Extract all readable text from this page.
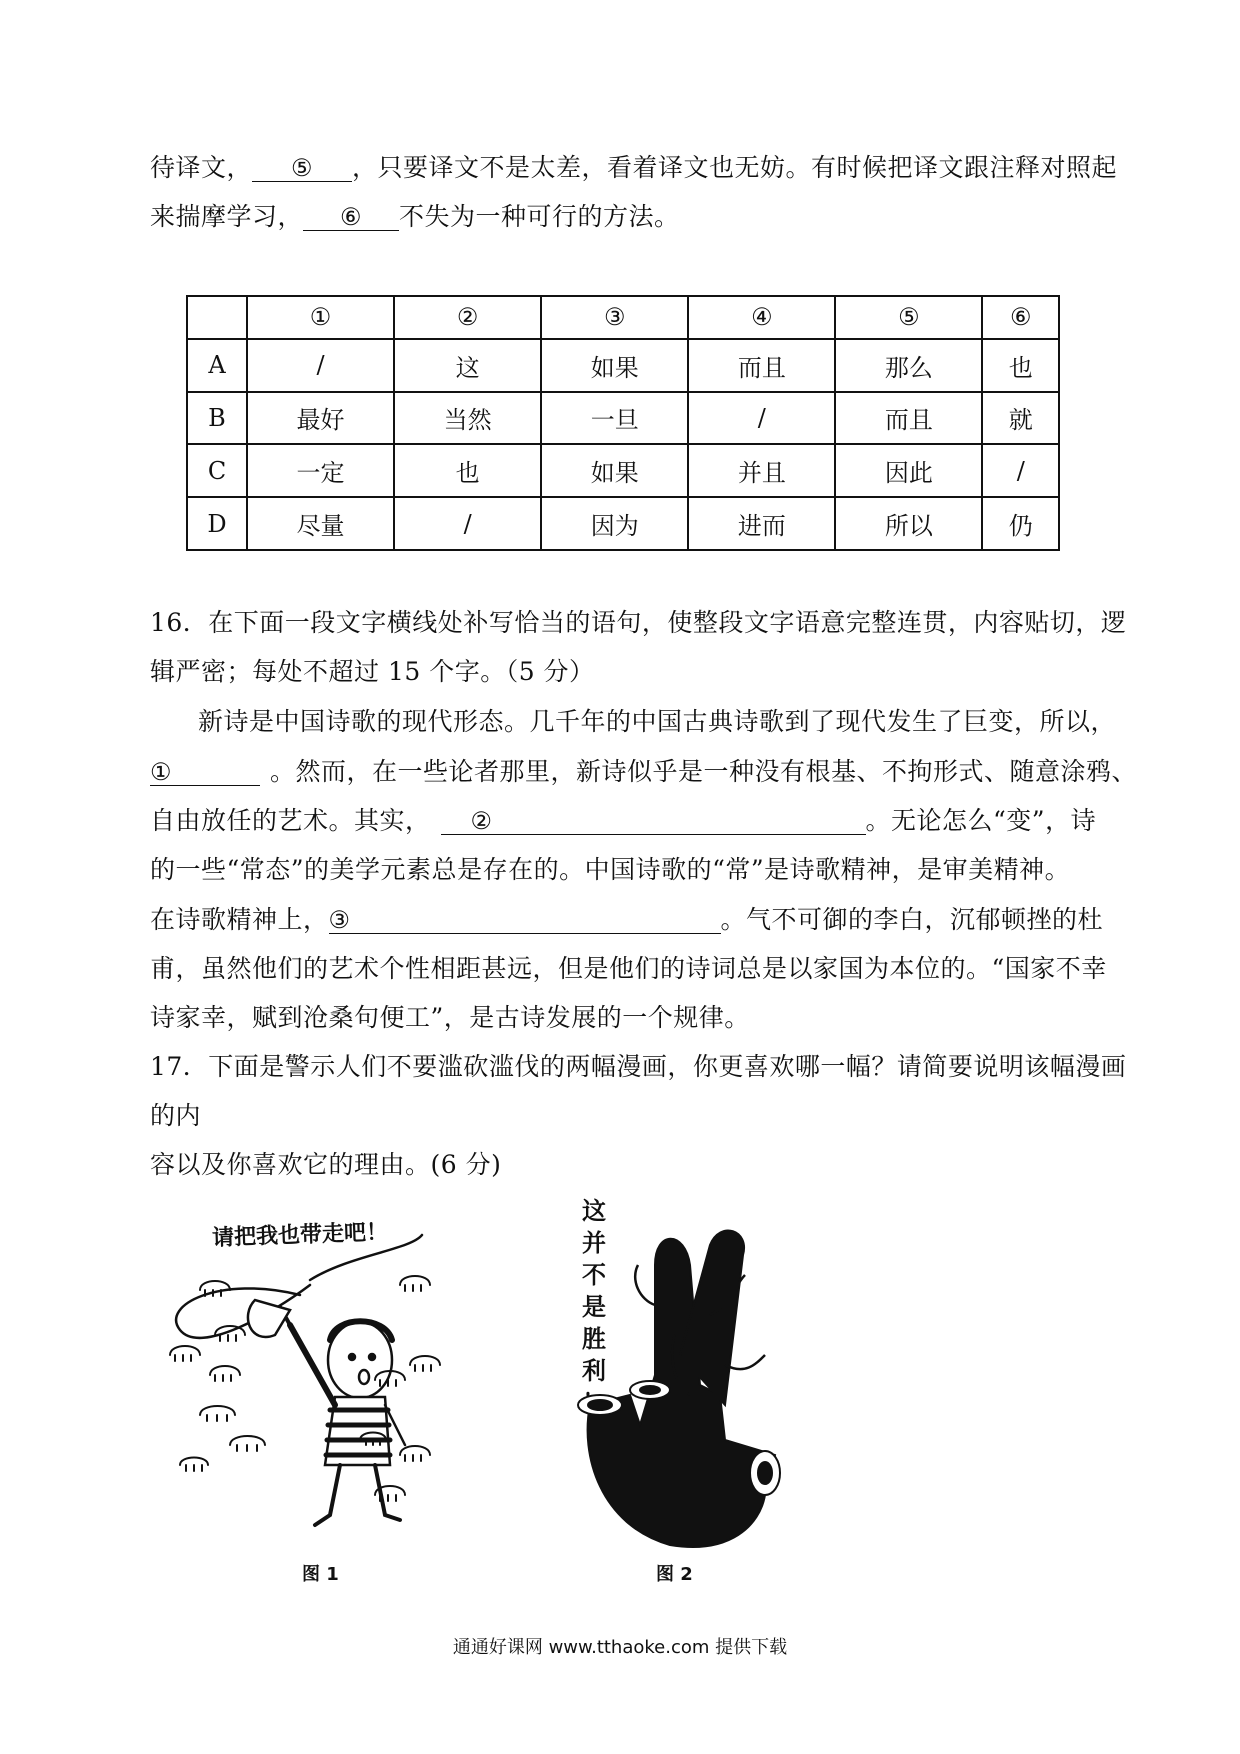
待译文， ⑤ ，只要译文不是太差，看着译文也无妨。有时候把译文跟注释对照起
来揣摩学习， ⑥ 不失为一种可行的方法。
	①	②	③	④	⑤	⑥
A	/	这	如果	而且	那么	也
B	最好	当然	一旦	/	而且	就
C	一定	也	如果	并且	因此	/
D	尽量	/	因为	进而	所以	仍
16．在下面一段文字横线处补写恰当的语句，使整段文字语意完整连贯，内容贴切，逻
辑严密；每处不超过 15 个字。（5 分）
新诗是中国诗歌的现代形态。几千年的中国古典诗歌到了现代发生了巨变，所以，
①	。然而，在一些论者那里，新诗似乎是一种没有根基、不拘形式、随意涂鸦、
自由放任的艺术。其实， ②	。无论怎么“变”，诗
的一些“常态”的美学元素总是存在的。中国诗歌的“常”是诗歌精神，是审美精神。
在诗歌精神上，③	。气不可御的李白，沉郁顿挫的杜
甫，虽然他们的艺术个性相距甚远，但是他们的诗词总是以家国为本位的。“国家不幸
诗家幸，赋到沧桑句便工”，是古诗发展的一个规律。
17．下面是警示人们不要滥砍滥伐的两幅漫画，你更喜欢哪一幅？请简要说明该幅漫画
的内
容以及你喜欢它的理由。(6 分)
请把我也带走吧！
图 1
这
并
不
是
胜
利
图 2
通通好课网 www.tthaoke.com 提供下载
